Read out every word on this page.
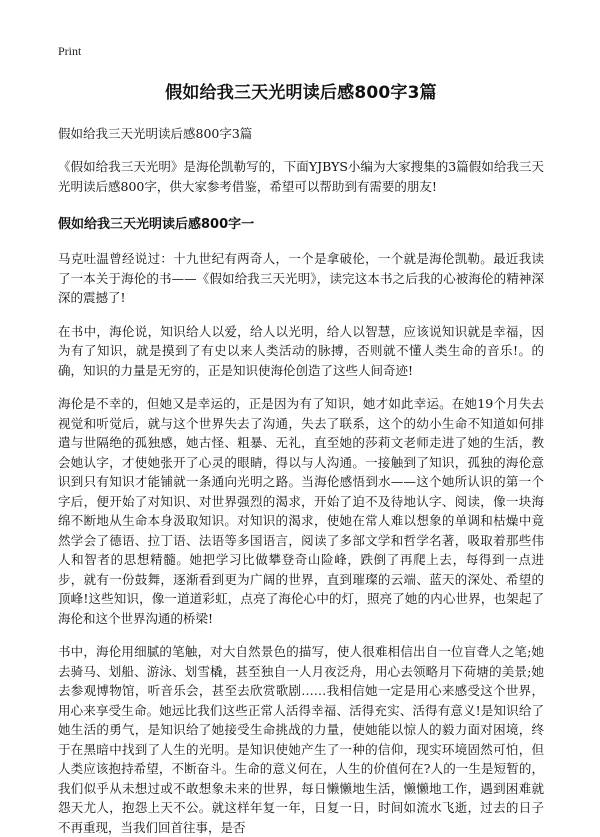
Print
假如给我三天光明读后感800字3篇

假如给我三天光明读后感800字3篇

《假如给我三天光明》是海伦凯勒写的，下面YJBYS小编为大家搜集的3篇假如给我三天光明读后感800字，供大家参考借鉴，希望可以帮助到有需要的朋友!

假如给我三天光明读后感800字一

马克吐温曾经说过：十九世纪有两奇人，一个是拿破伦，一个就是海伦凯勒。最近我读了一本关于海伦的书——《假如给我三天光明》，读完这本书之后我的心被海伦的精神深深的震撼了!

在书中，海伦说，知识给人以爱，给人以光明，给人以智慧，应该说知识就是幸福，因为有了知识，就是摸到了有史以来人类活动的脉搏，否则就不懂人类生命的音乐!。的确，知识的力量是无穷的，正是知识使海伦创造了这些人间奇迹!

海伦是不幸的，但她又是幸运的，正是因为有了知识，她才如此幸运。在她19个月失去视觉和听觉后，就与这个世界失去了沟通，失去了联系，这个的幼小生命不知道如何排遣与世隔绝的孤独感，她古怪、粗暴、无礼，直至她的莎莉文老师走进了她的生活，教会她认字，才使她张开了心灵的眼睛，得以与人沟通。一接触到了知识，孤独的海伦意识到只有知识才能铺就一条通向光明之路。当海伦感悟到水——这个她所认识的第一个字后，便开始了对知识、对世界强烈的渴求，开始了迫不及待地认字、阅读，像一块海绵不断地从生命本身汲取知识。对知识的渴求，使她在常人难以想象的单调和枯燥中竟然学会了德语、拉丁语、法语等多国语言，阅读了多部文学和哲学名著，吸取着那些伟人和智者的思想精髓。她把学习比做攀登奇山险峰，跌倒了再爬上去，每得到一点进步，就有一份鼓舞，逐渐看到更为广阔的世界，直到璀璨的云端、蓝天的深处、希望的顶峰!这些知识，像一道道彩虹，点亮了海伦心中的灯，照亮了她的内心世界，也架起了海伦和这个世界沟通的桥梁!

书中，海伦用细腻的笔触，对大自然景色的描写，使人很难相信出自一位盲聋人之笔;她去骑马、划船、游泳、划雪橇，甚至独自一人月夜泛舟，用心去领略月下荷塘的美景;她去参观博物馆，听音乐会，甚至去欣赏歌剧……我相信她一定是用心来感受这个世界，用心来享受生命。她远比我们这些正常人活得幸福、活得充实、活得有意义!是知识给了她生活的勇气，是知识给了她接受生命挑战的力量，使她能以惊人的毅力面对困境，终于在黑暗中找到了人生的光明。是知识使她产生了一种的信仰，现实环境固然可怕，但人类应该抱持希望，不断奋斗。生命的意义何在，人生的价值何在?人的一生是短暂的，我们似乎从未想过或不敢想象未来的世界，每日懒懒地生活，懒懒地工作，遇到困难就怨天尤人，抱怨上天不公。就这样年复一年，日复一日，时间如流水飞逝，过去的日子不再重现，当我们回首往事，是否
